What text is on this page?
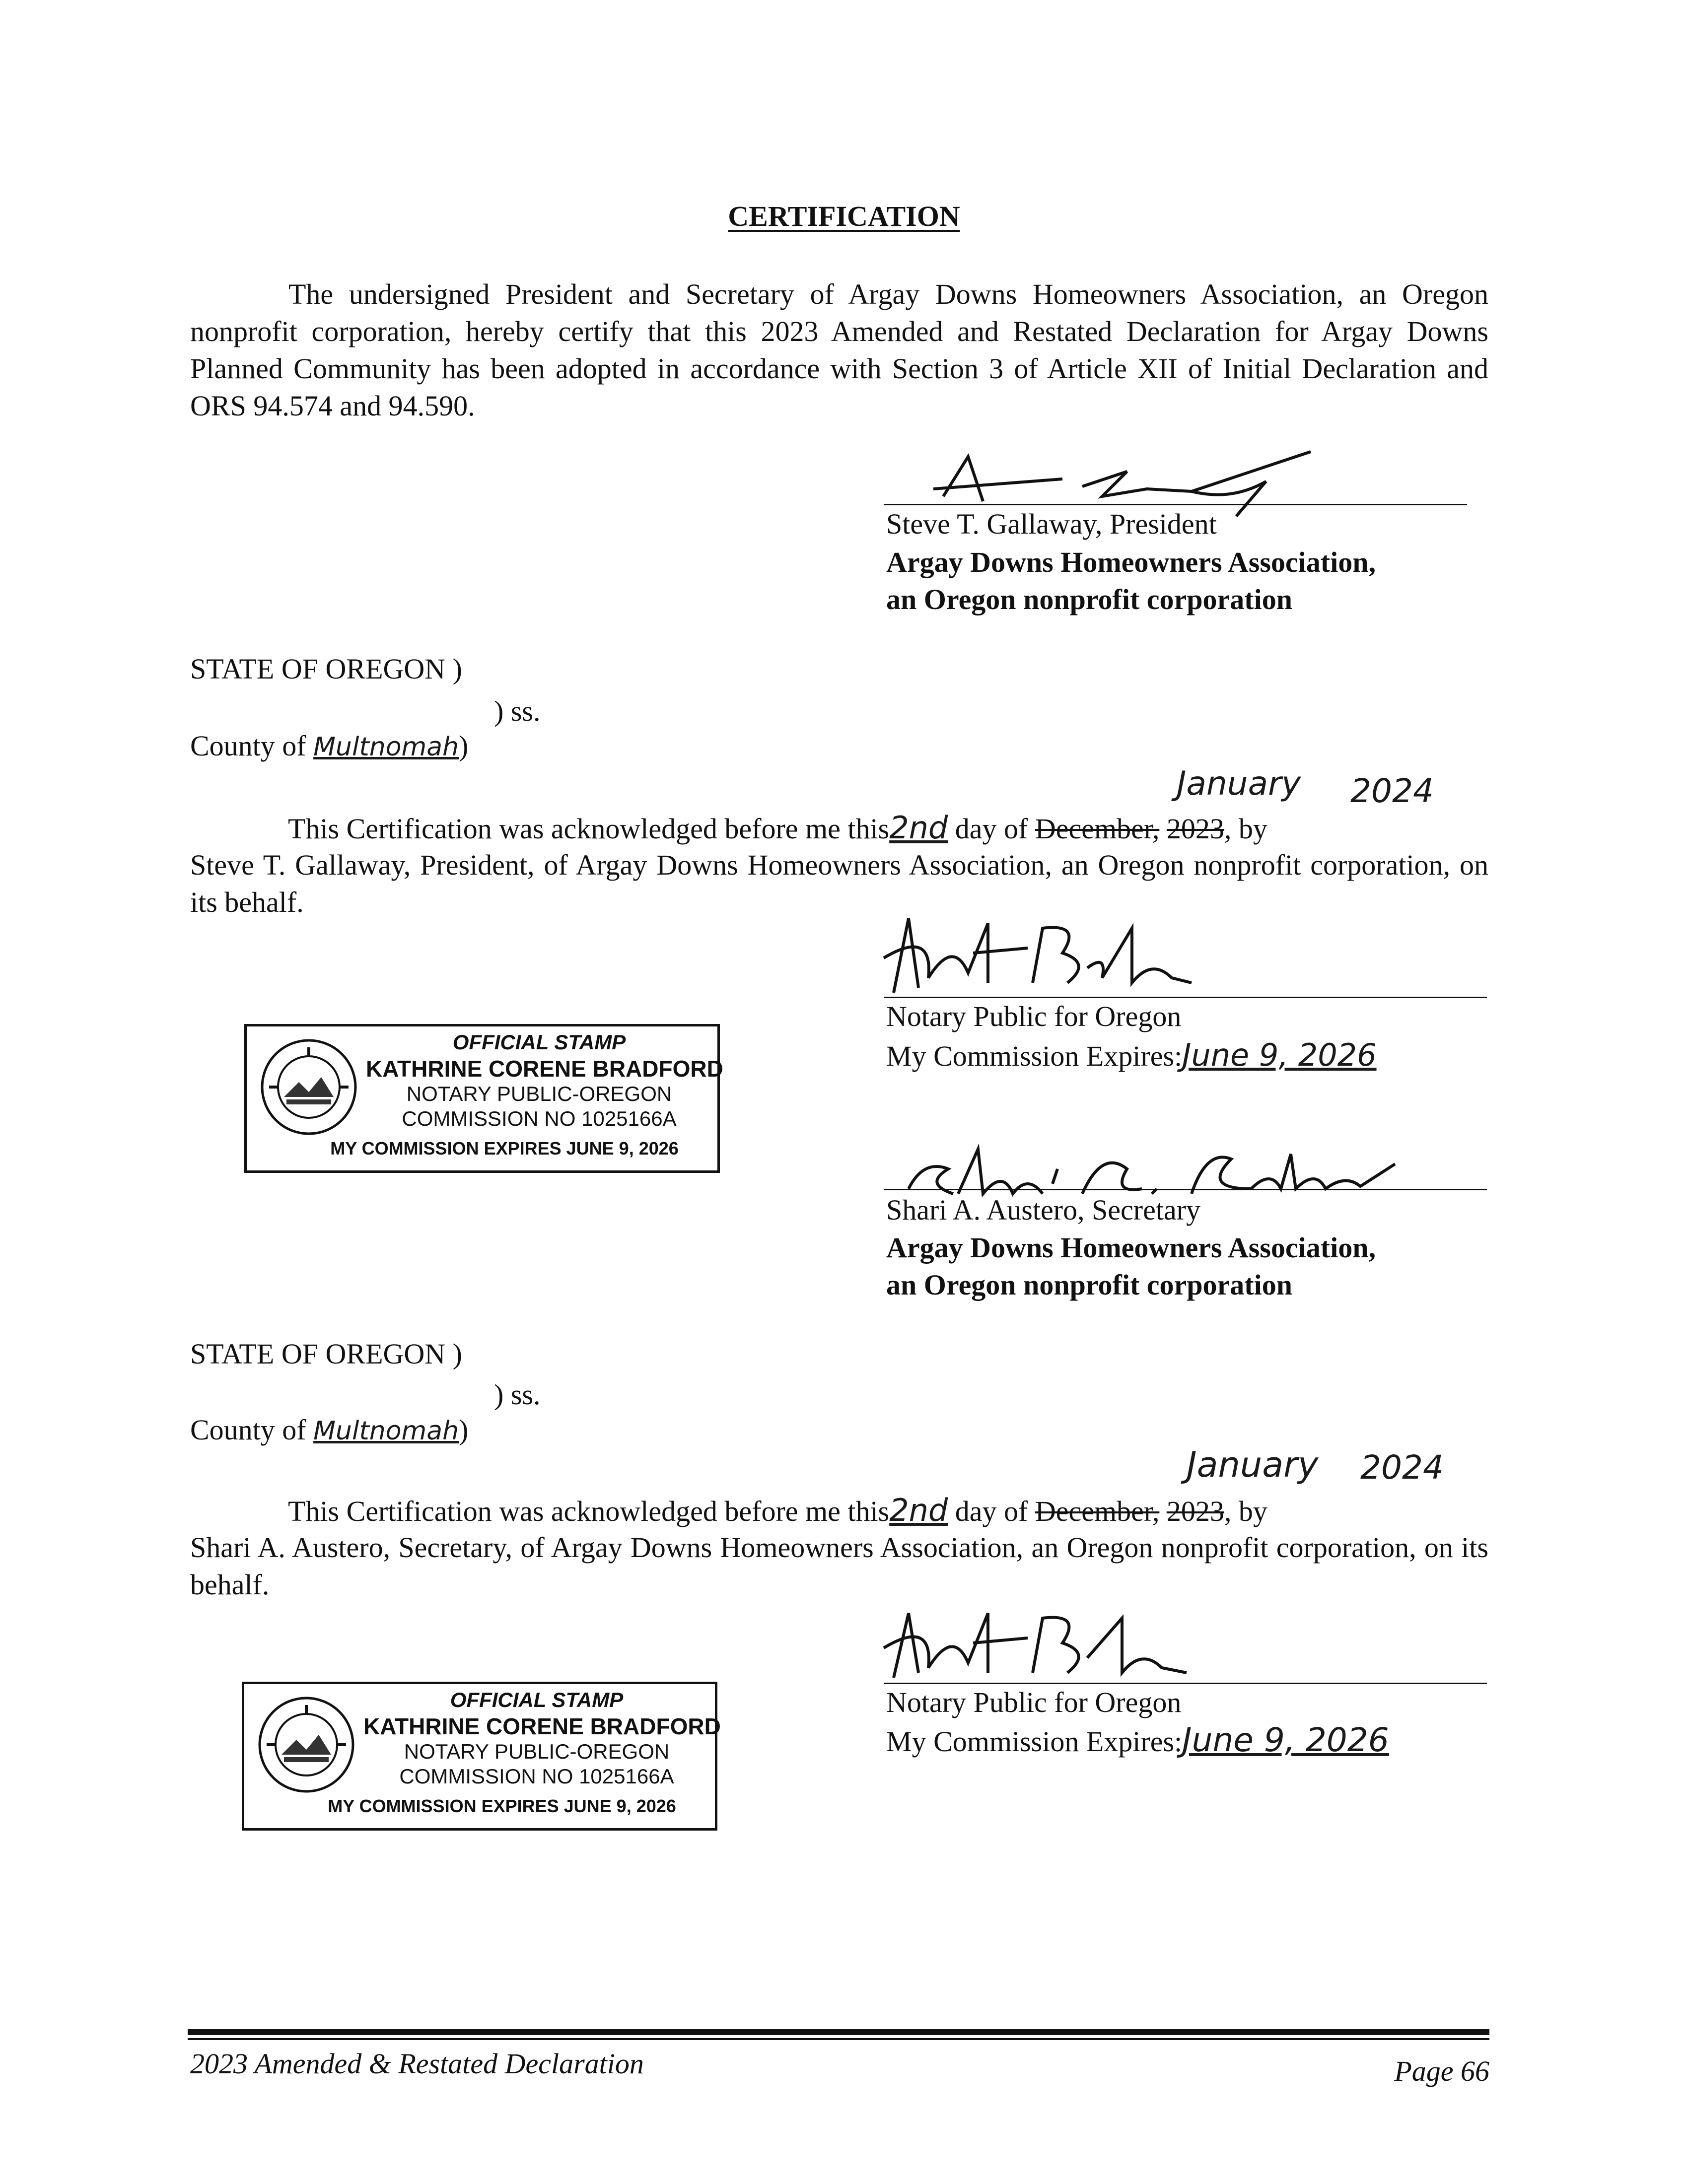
CERTIFICATION
The undersigned President and Secretary of Argay Downs Homeowners Association, an Oregon nonprofit corporation, hereby certify that this 2023 Amended and Restated Declaration for Argay Downs Planned Community has been adopted in accordance with Section 3 of Article XII of Initial Declaration and ORS 94.574 and 94.590.
Steve T. Gallaway, President
Argay Downs Homeowners Association,
an Oregon nonprofit corporation
STATE OF OREGON )
) ss.
County of Multnomah)
January 2024
This Certification was acknowledged before me this2nd day of December, 2023, by
Steve T. Gallaway, President, of Argay Downs Homeowners Association, an Oregon nonprofit corporation, on its behalf.
Notary Public for Oregon
My Commission Expires:June 9, 2026
OFFICIAL STAMP
KATHRINE CORENE BRADFORD
NOTARY PUBLIC-OREGON
COMMISSION NO 1025166A
MY COMMISSION EXPIRES JUNE 9, 2026
Shari A. Austero, Secretary
Argay Downs Homeowners Association,
an Oregon nonprofit corporation
STATE OF OREGON )
) ss.
County of Multnomah)
January 2024
This Certification was acknowledged before me this2nd day of December, 2023, by
Shari A. Austero, Secretary, of Argay Downs Homeowners Association, an Oregon nonprofit corporation, on its behalf.
Notary Public for Oregon
My Commission Expires:June 9, 2026
OFFICIAL STAMP
KATHRINE CORENE BRADFORD
NOTARY PUBLIC-OREGON
COMMISSION NO 1025166A
MY COMMISSION EXPIRES JUNE 9, 2026
2023 Amended & Restated Declaration	Page 66
